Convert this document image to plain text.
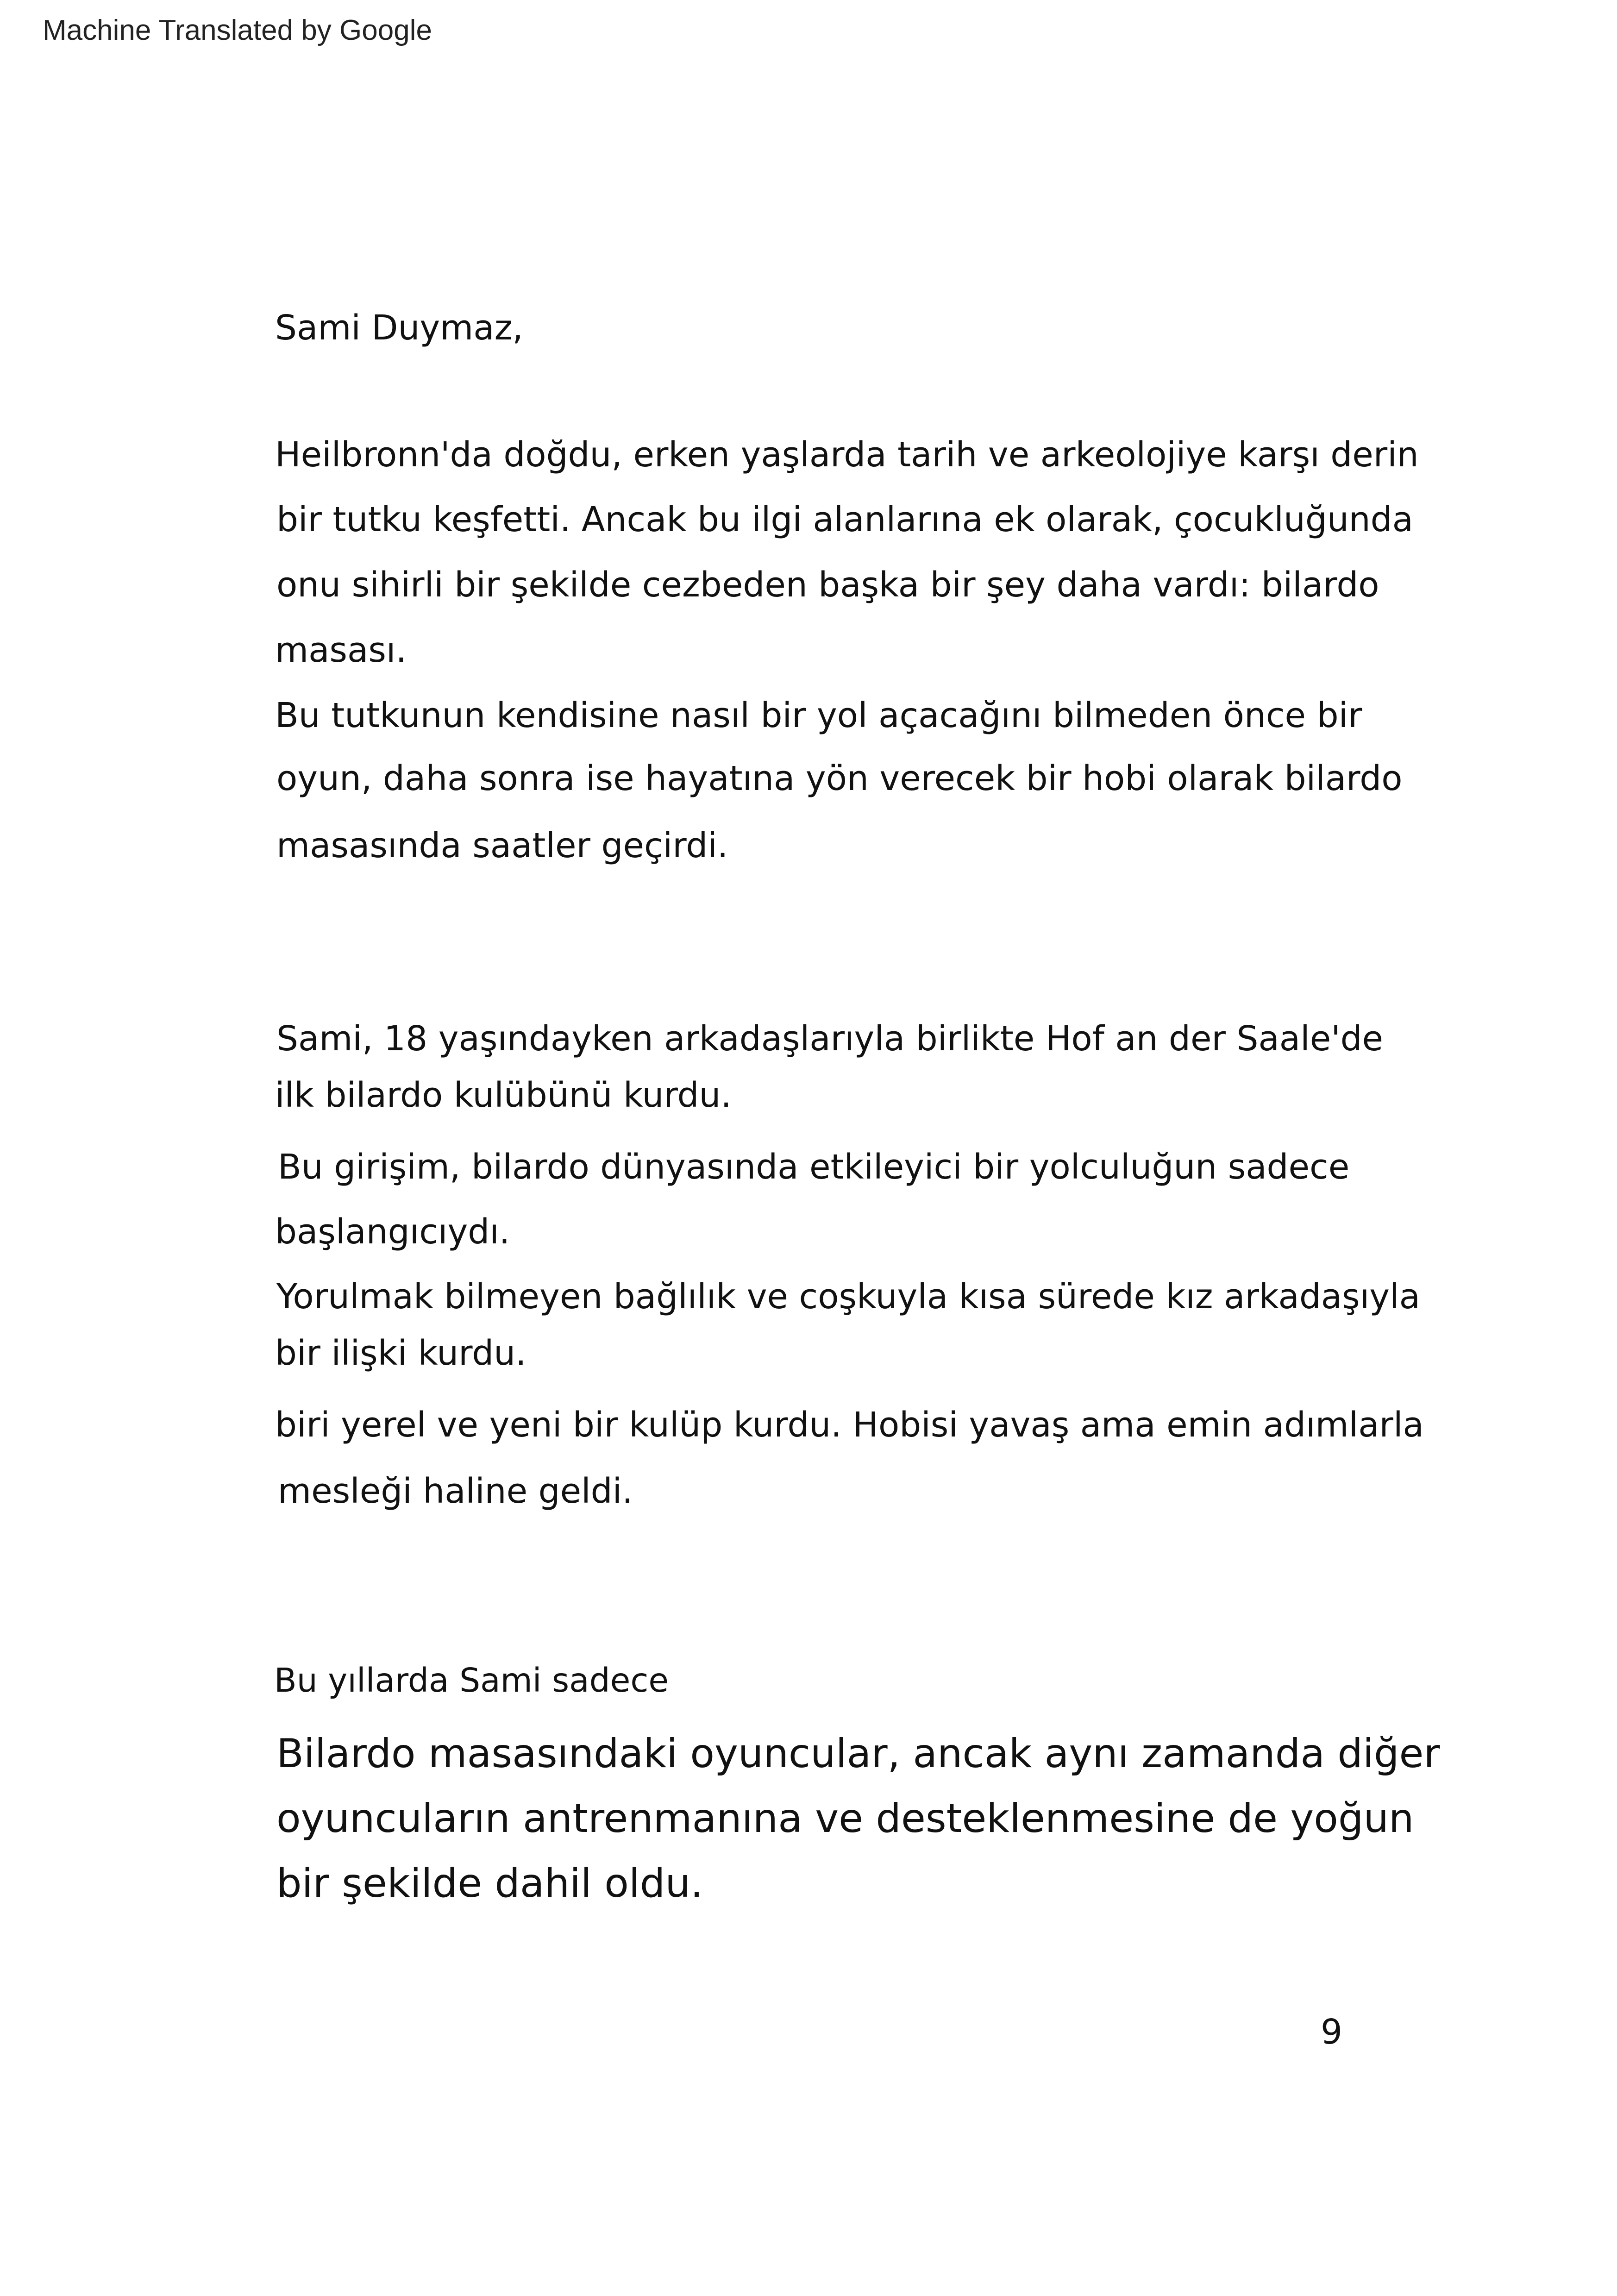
Machine Translated by Google
Sami Duymaz,
Heilbronn'da doğdu, erken yaşlarda tarih ve arkeolojiye karşı derin
bir tutku keşfetti. Ancak bu ilgi alanlarına ek olarak, çocukluğunda
onu sihirli bir şekilde cezbeden başka bir şey daha vardı: bilardo
masası.
Bu tutkunun kendisine nasıl bir yol açacağını bilmeden önce bir
oyun, daha sonra ise hayatına yön verecek bir hobi olarak bilardo
masasında saatler geçirdi.
Sami, 18 yaşındayken arkadaşlarıyla birlikte Hof an der Saale'de
ilk bilardo kulübünü kurdu.
Bu girişim, bilardo dünyasında etkileyici bir yolculuğun sadece
başlangıcıydı.
Yorulmak bilmeyen bağlılık ve coşkuyla kısa sürede kız arkadaşıyla
bir ilişki kurdu.
biri yerel ve yeni bir kulüp kurdu. Hobisi yavaş ama emin adımlarla
mesleği haline geldi.
Bu yıllarda Sami sadece
Bilardo masasındaki oyuncular, ancak aynı zamanda diğer
oyuncuların antrenmanına ve desteklenmesine de yoğun
bir şekilde dahil oldu.
9
